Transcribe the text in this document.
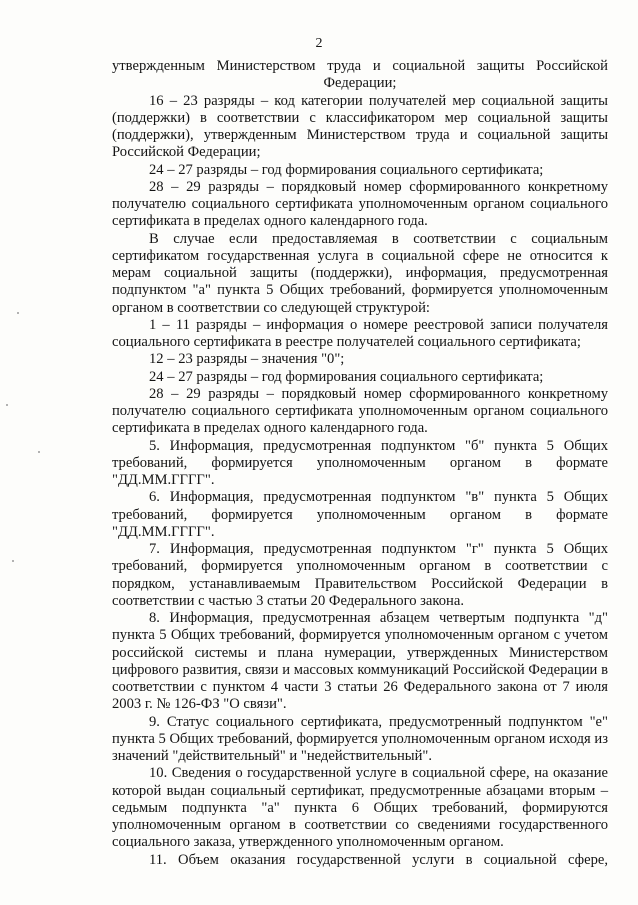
2

утвержденным Министерством труда и социальной защиты Российской

Федерации;

16 – 23 разряды – код категории получателей мер социальной защиты (поддержки) в соответствии с классификатором мер социальной защиты (поддержки), утвержденным Министерством труда и социальной защиты Российской Федерации;

24 – 27 разряды – год формирования социального сертификата;

28 – 29 разряды – порядковый номер сформированного конкретному получателю социального сертификата уполномоченным органом социального сертификата в пределах одного календарного года.

В случае если предоставляемая в соответствии с социальным сертификатом государственная услуга в социальной сфере не относится к мерам социальной защиты (поддержки), информация, предусмотренная подпунктом "а" пункта 5 Общих требований, формируется уполномоченным органом в соответствии со следующей структурой:

1 – 11 разряды – информация о номере реестровой записи получателя социального сертификата в реестре получателей социального сертификата;

12 – 23 разряды – значения "0";

24 – 27 разряды – год формирования социального сертификата;

28 – 29 разряды – порядковый номер сформированного конкретному получателю социального сертификата уполномоченным органом социального сертификата в пределах одного календарного года.

5. Информация, предусмотренная подпунктом "б" пункта 5 Общих требований, формируется уполномоченным органом в формате "ДД.ММ.ГГГГ".

6. Информация, предусмотренная подпунктом "в" пункта 5 Общих требований, формируется уполномоченным органом в формате "ДД.ММ.ГГГГ".

7. Информация, предусмотренная подпунктом "г" пункта 5 Общих требований, формируется уполномоченным органом в соответствии с порядком, устанавливаемым Правительством Российской Федерации в соответствии с частью 3 статьи 20 Федерального закона.

8. Информация, предусмотренная абзацем четвертым подпункта "д" пункта 5 Общих требований, формируется уполномоченным органом с учетом российской системы и плана нумерации, утвержденных Министерством цифрового развития, связи и массовых коммуникаций Российской Федерации в соответствии с пунктом 4 части 3 статьи 26 Федерального закона от 7 июля 2003 г. № 126-ФЗ "О связи".

9. Статус социального сертификата, предусмотренный подпунктом "е" пункта 5 Общих требований, формируется уполномоченным органом исходя из значений "действительный" и "недействительный".

10. Сведения о государственной услуге в социальной сфере, на оказание которой выдан социальный сертификат, предусмотренные абзацами вторым – седьмым подпункта "а" пункта 6 Общих требований, формируются уполномоченным органом в соответствии со сведениями государственного социального заказа, утвержденного уполномоченным органом.

11. Объем оказания государственной услуги в социальной сфере,
